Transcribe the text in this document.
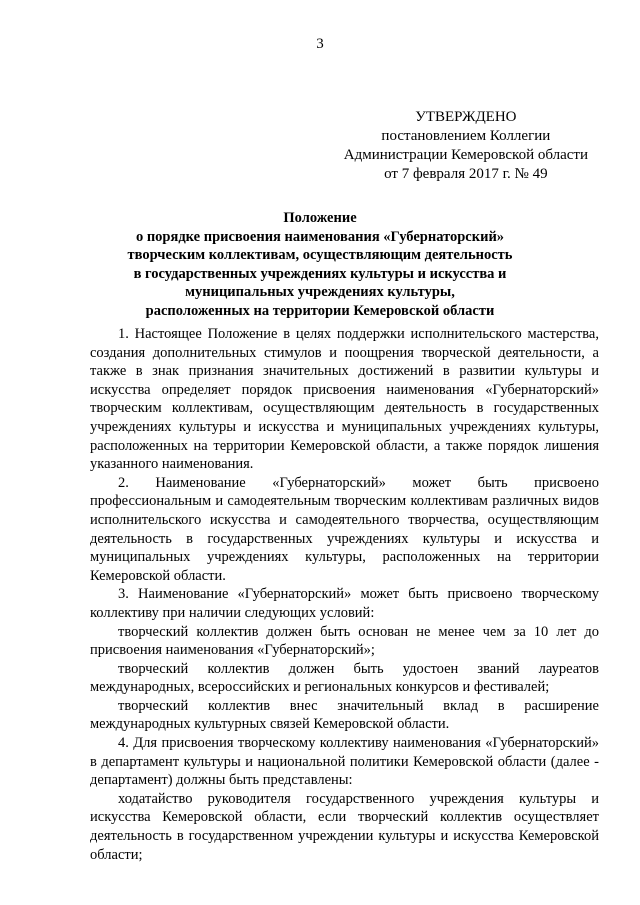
3
УТВЕРЖДЕНО
постановлением Коллегии
Администрации Кемеровской области
от 7 февраля 2017 г. № 49
Положение
о порядке присвоения наименования «Губернаторский»
творческим коллективам, осуществляющим деятельность
в государственных учреждениях культуры и искусства и
муниципальных учреждениях культуры,
расположенных на территории Кемеровской области

1. Настоящее Положение в целях поддержки исполнительского мастерства, создания дополнительных стимулов и поощрения творческой деятельности, а также в знак признания значительных достижений в развитии культуры и искусства определяет порядок присвоения наименования «Губернаторский» творческим коллективам, осуществляющим деятельность в государственных учреждениях культуры и искусства и муниципальных учреждениях культуры, расположенных на территории Кемеровской области, а также порядок лишения указанного наименования.

2. Наименование «Губернаторский» может быть присвоено профессиональным и самодеятельным творческим коллективам различных видов исполнительского искусства и самодеятельного творчества, осуществляющим деятельность в государственных учреждениях культуры и искусства и муниципальных учреждениях культуры, расположенных на территории Кемеровской области.

3. Наименование «Губернаторский» может быть присвоено творческому коллективу при наличии следующих условий:

творческий коллектив должен быть основан не менее чем за 10 лет до присвоения наименования «Губернаторский»;

творческий коллектив должен быть удостоен званий лауреатов международных, всероссийских и региональных конкурсов и фестивалей;

творческий коллектив внес значительный вклад в расширение международных культурных связей Кемеровской области.

4. Для присвоения творческому коллективу наименования «Губернаторский» в департамент культуры и национальной политики Кемеровской области (далее - департамент) должны быть представлены:

ходатайство руководителя государственного учреждения культуры и искусства Кемеровской области, если творческий коллектив осуществляет деятельность в государственном учреждении культуры и искусства Кемеровской области;
